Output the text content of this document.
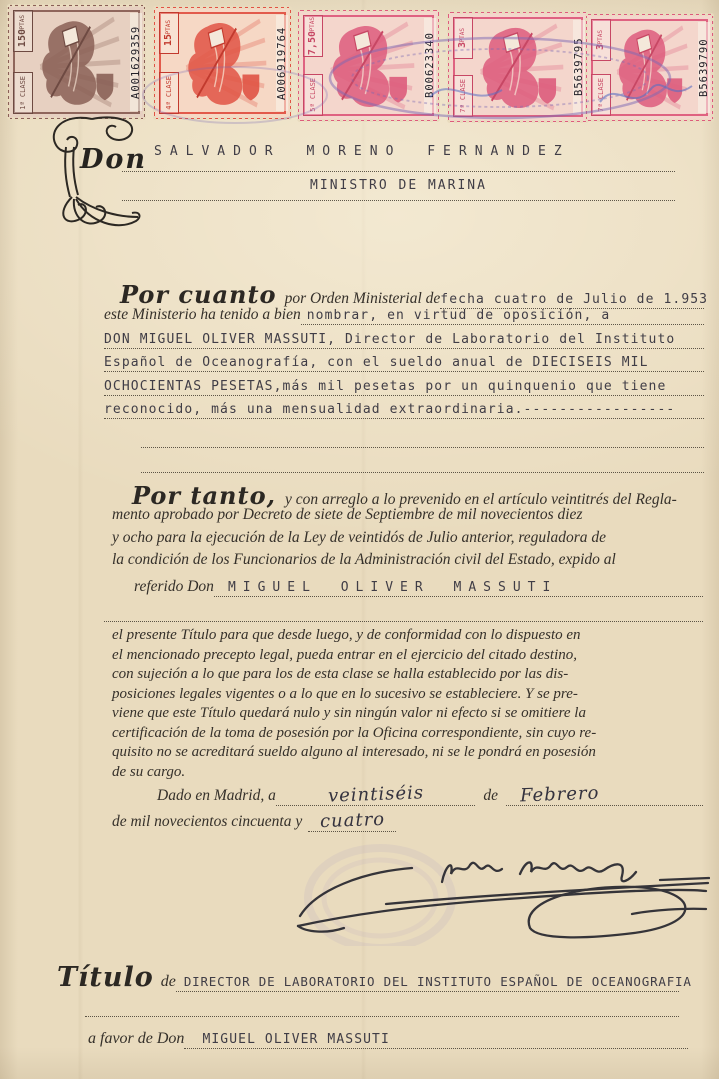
PTAS
150
1ª CLASE	A001629359	PTAS
15
4ª CLASE	A006919764
PTAS
7,50
5ª CLASE	B00623340	PTAS
3
7ª CLASE	B5639795
PTAS
3
7ª CLASE	B5639790
Don SALVADOR MORENO FERNANDEZ
MINISTRO DE MARINA
Por cuanto por Orden Ministerial de fecha cuatro de Julio de 1.953
este Ministerio ha tenido a bien nombrar, en virtud de oposición, a
DON MIGUEL OLIVER MASSUTI, Director de Laboratorio del Instituto
Español de Oceanografía, con el sueldo anual de DIECISEIS MIL
OCHOCIENTAS PESETAS,más mil pesetas por un quinquenio que tiene
reconocido, más una mensualidad extraordinaria.-----------------
Por tanto, y con arreglo a lo prevenido en el artículo veintitrés del Regla-
mento aprobado por Decreto de siete de Septiembre de mil novecientos diez
y ocho para la ejecución de la Ley de veintidós de Julio anterior, reguladora de
la condición de los Funcionarios de la Administración civil del Estado, expido al
referido Don	MIGUEL OLIVER MASSUTI
el presente Título para que desde luego, y de conformidad con lo dispuesto en
el mencionado precepto legal, pueda entrar en el ejercicio del citado destino,
con sujeción a lo que para los de esta clase se halla establecido por las dis-
posiciones legales vigentes o a lo que en lo sucesivo se estableciere. Y se pre-
viene que este Título quedará nulo y sin ningún valor ni efecto si se omitiere la
certificación de la toma de posesión por la Oficina correspondiente, sin cuyo re-
quisito no se acreditará sueldo alguno al interesado, ni se le pondrá en posesión
de su cargo.
Dado en Madrid, a	veintiséis	de	Febrero
de mil novecientos cincuenta y cuatro
Título de DIRECTOR DE LABORATORIO DEL INSTITUTO ESPAÑOL DE OCEANOGRAFIA
a favor de Don	MIGUEL OLIVER MASSUTI
